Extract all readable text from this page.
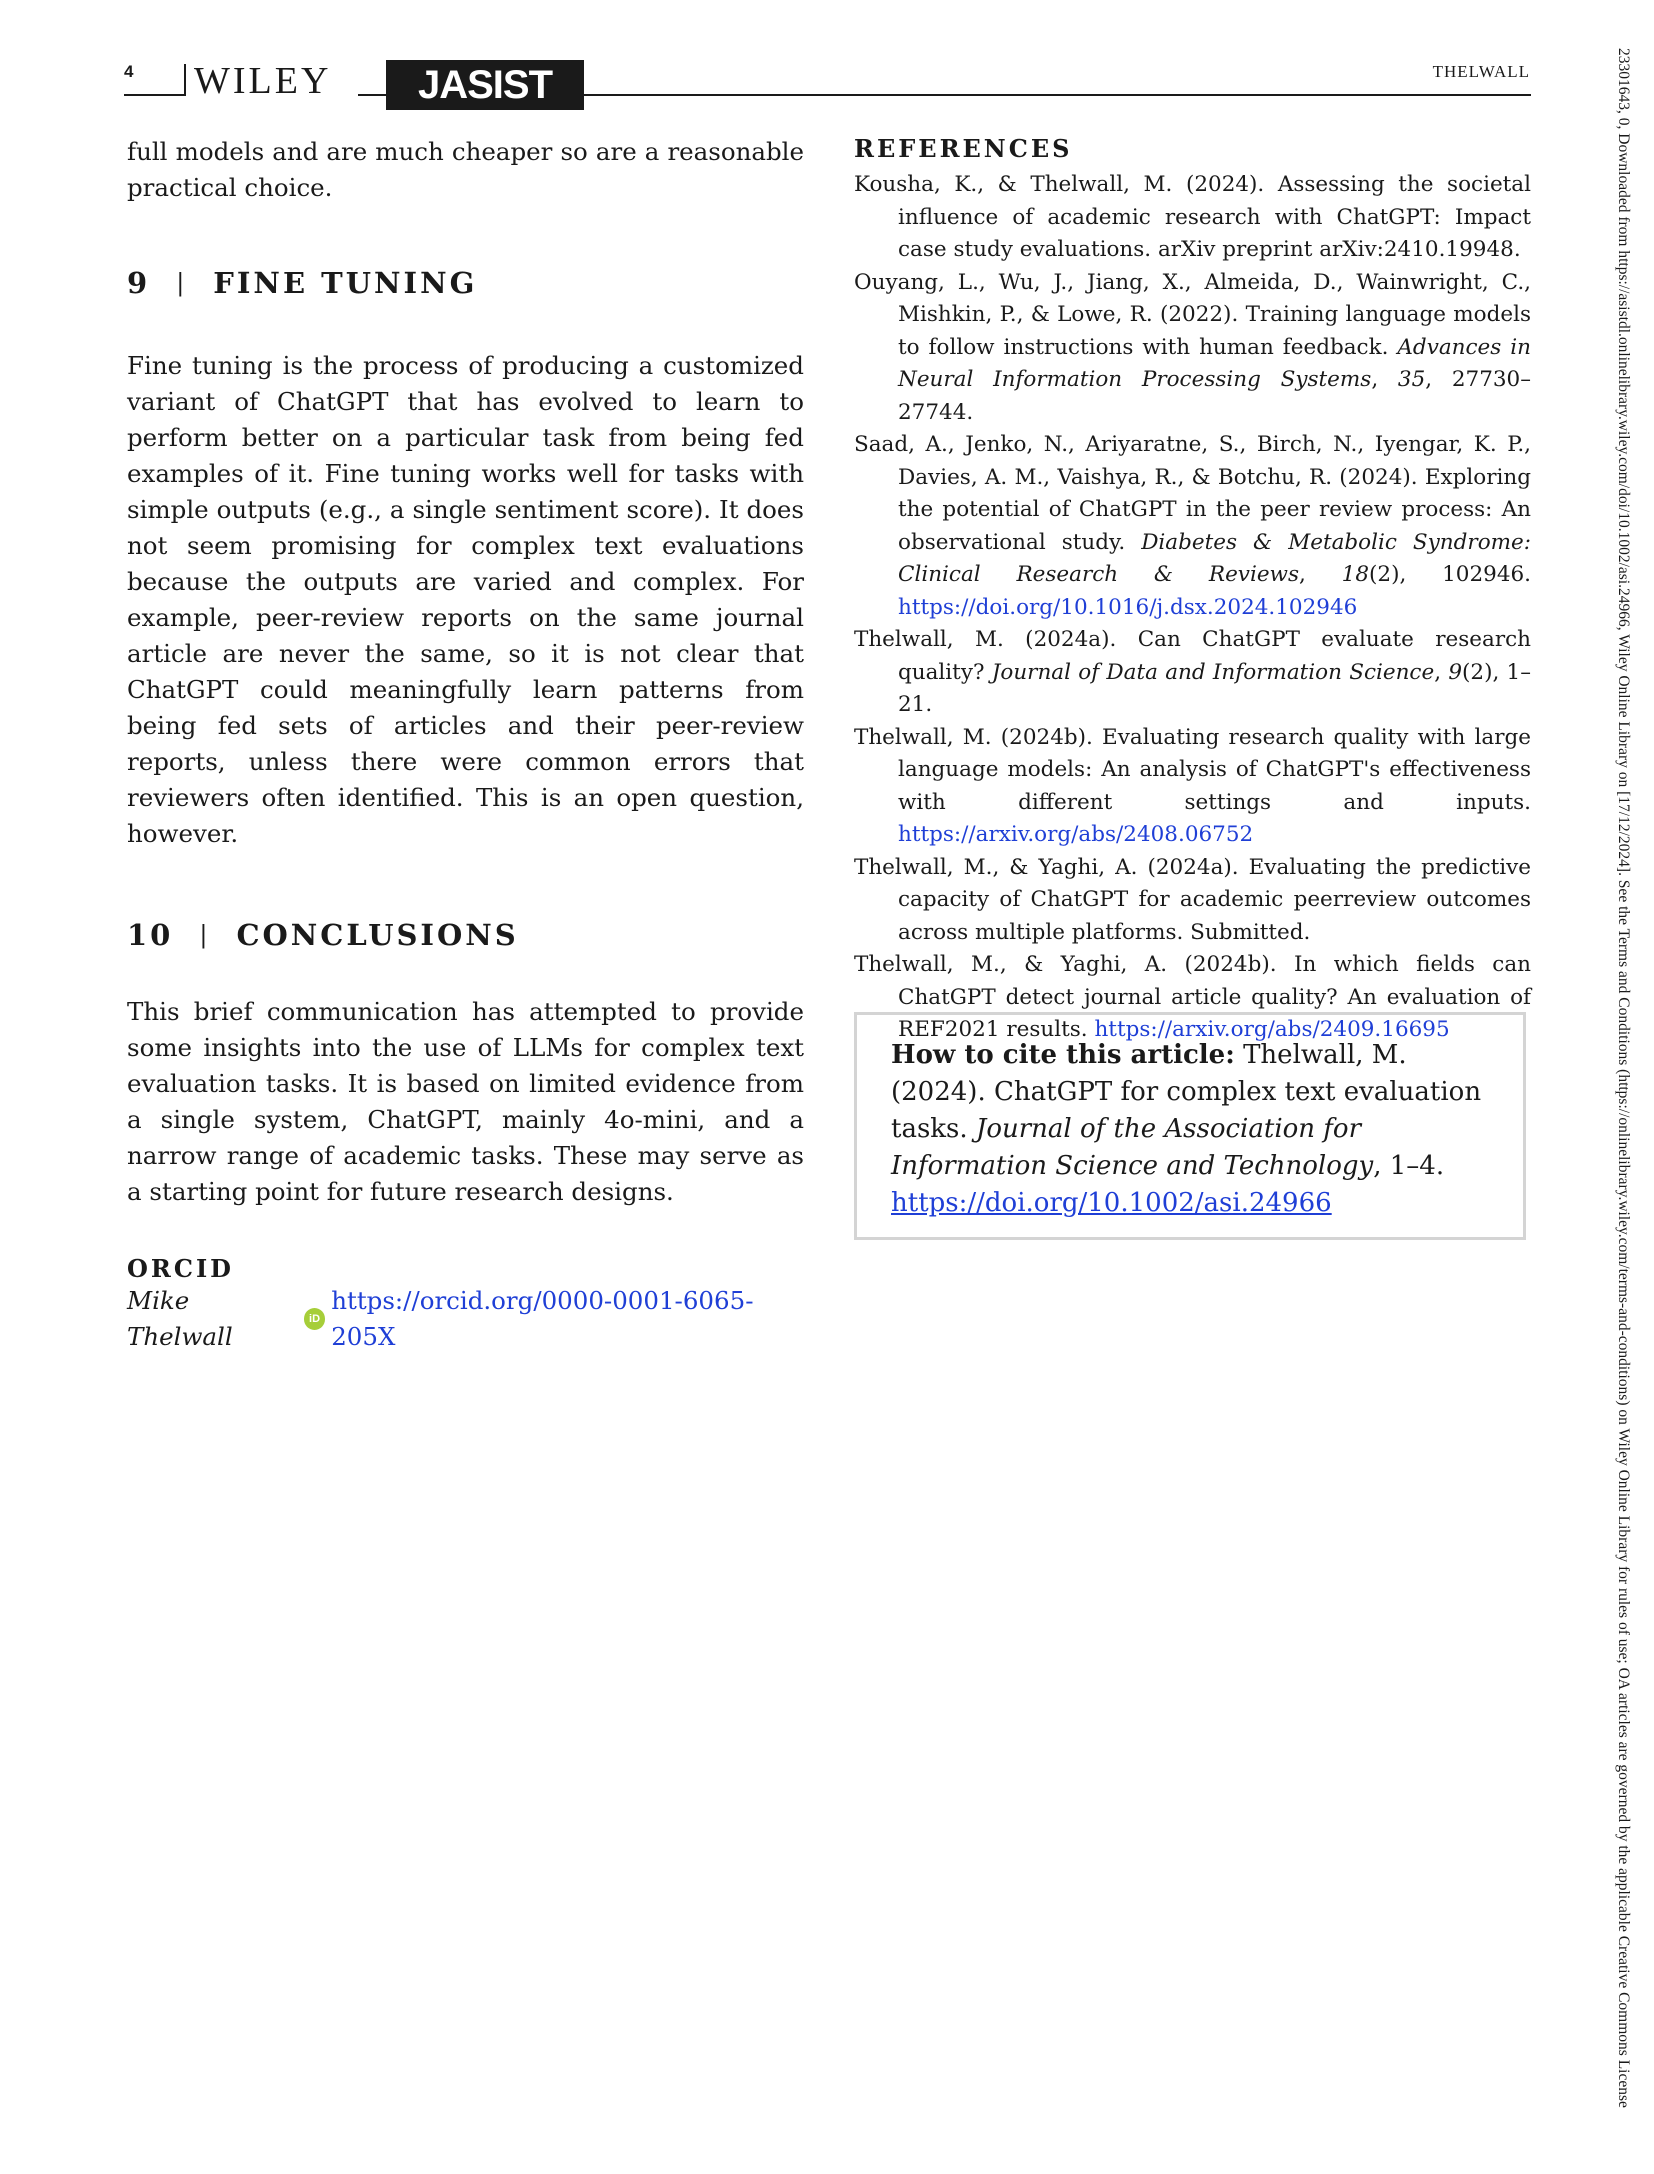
4 WILEY	JASIST	THELWALL

full models and are much cheaper so are a reasonable practical choice.

9 | FINE TUNING

Fine tuning is the process of producing a customized variant of ChatGPT that has evolved to learn to perform better on a particular task from being fed examples of it. Fine tuning works well for tasks with simple outputs (e.g., a single sentiment score). It does not seem promising for complex text evaluations because the outputs are varied and complex. For example, peer-review reports on the same journal article are never the same, so it is not clear that ChatGPT could meaningfully learn patterns from being fed sets of articles and their peer-review reports, unless there were common errors that reviewers often identified. This is an open question, however.

10 | CONCLUSIONS

This brief communication has attempted to provide some insights into the use of LLMs for complex text evaluation tasks. It is based on limited evidence from a single system, ChatGPT, mainly 4o-mini, and a narrow range of academic tasks. These may serve as a starting point for future research designs.

ORCID
Mike Thelwall
iD
https://orcid.org/0000-0001-6065-205X
REFERENCES
Kousha, K., & Thelwall, M. (2024). Assessing the societal influence of academic research with ChatGPT: Impact case study evaluations. arXiv preprint arXiv:2410.19948.
Ouyang, L., Wu, J., Jiang, X., Almeida, D., Wainwright, C., Mishkin, P., & Lowe, R. (2022). Training language models to follow instructions with human feedback. Advances in Neural Information Processing Systems, 35, 27730–27744.
Saad, A., Jenko, N., Ariyaratne, S., Birch, N., Iyengar, K. P., Davies, A. M., Vaishya, R., & Botchu, R. (2024). Exploring the potential of ChatGPT in the peer review process: An observational study. Diabetes & Metabolic Syndrome: Clinical Research & Reviews, 18(2), 102946. https://doi.org/10.1016/j.dsx.2024.102946
Thelwall, M. (2024a). Can ChatGPT evaluate research quality? Journal of Data and Information Science, 9(2), 1–21.
Thelwall, M. (2024b). Evaluating research quality with large language models: An analysis of ChatGPT's effectiveness with different settings and inputs. https://arxiv.org/abs/2408.06752
Thelwall, M., & Yaghi, A. (2024a). Evaluating the predictive capacity of ChatGPT for academic peerreview outcomes across multiple platforms. Submitted.
Thelwall, M., & Yaghi, A. (2024b). In which fields can ChatGPT detect journal article quality? An evaluation of REF2021 results. https://arxiv.org/abs/2409.16695

How to cite this article: Thelwall, M. (2024). ChatGPT for complex text evaluation tasks. Journal of the Association for Information Science and Technology, 1–4. https://doi.org/10.1002/asi.24966	23301643, 0, Downloaded from https://asistdl.onlinelibrary.wiley.com/doi/10.1002/asi.24966, Wiley Online Library on [17/12/2024]. See the Terms and Conditions (https://onlinelibrary.wiley.com/terms-and-conditions) on Wiley Online Library for rules of use; OA articles are governed by the applicable Creative Commons License
